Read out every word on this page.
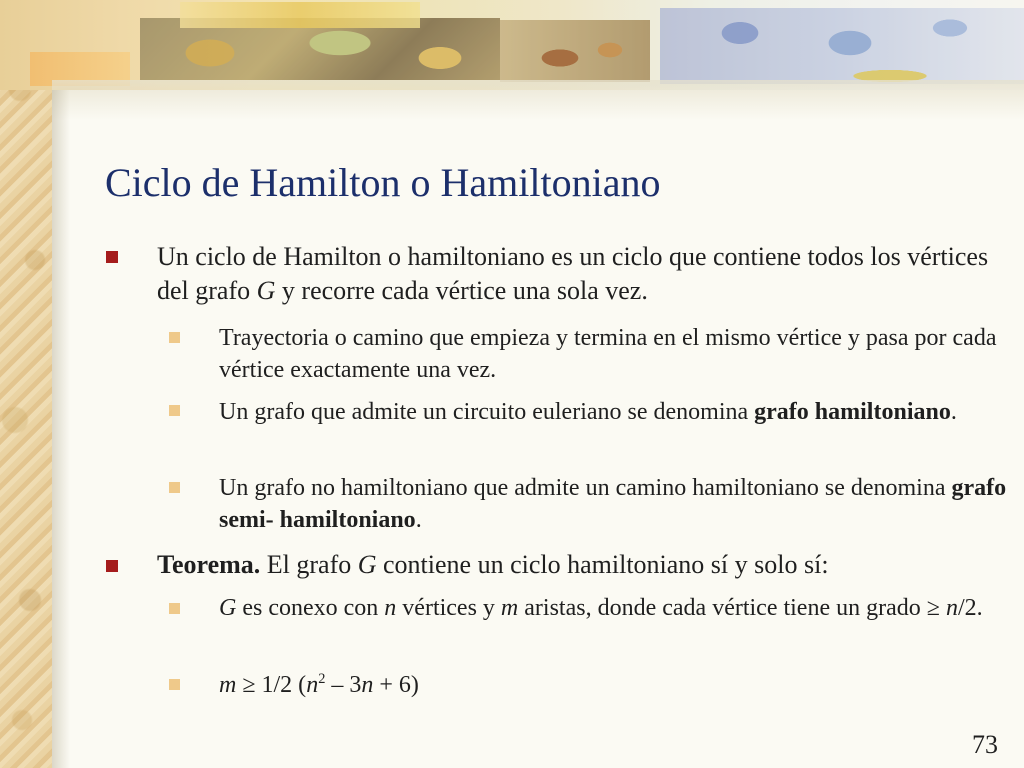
Ciclo de Hamilton o Hamiltoniano
Un ciclo de Hamilton o hamiltoniano es un ciclo que contiene todos los vértices del grafo G y recorre cada vértice una sola vez.
Trayectoria o camino que empieza y termina en el mismo vértice y pasa por cada vértice exactamente una vez.
Un grafo que admite un circuito euleriano se denomina grafo hamiltoniano.
Un grafo no hamiltoniano que admite un camino hamiltoniano se denomina grafo semi- hamiltoniano.
Teorema. El grafo G contiene un ciclo hamiltoniano sí y solo sí:
G es conexo con n vértices y m aristas, donde cada vértice tiene un grado ≥ n/2.
m ≥ 1/2 $(n^2 - 3n + 6)$
73
